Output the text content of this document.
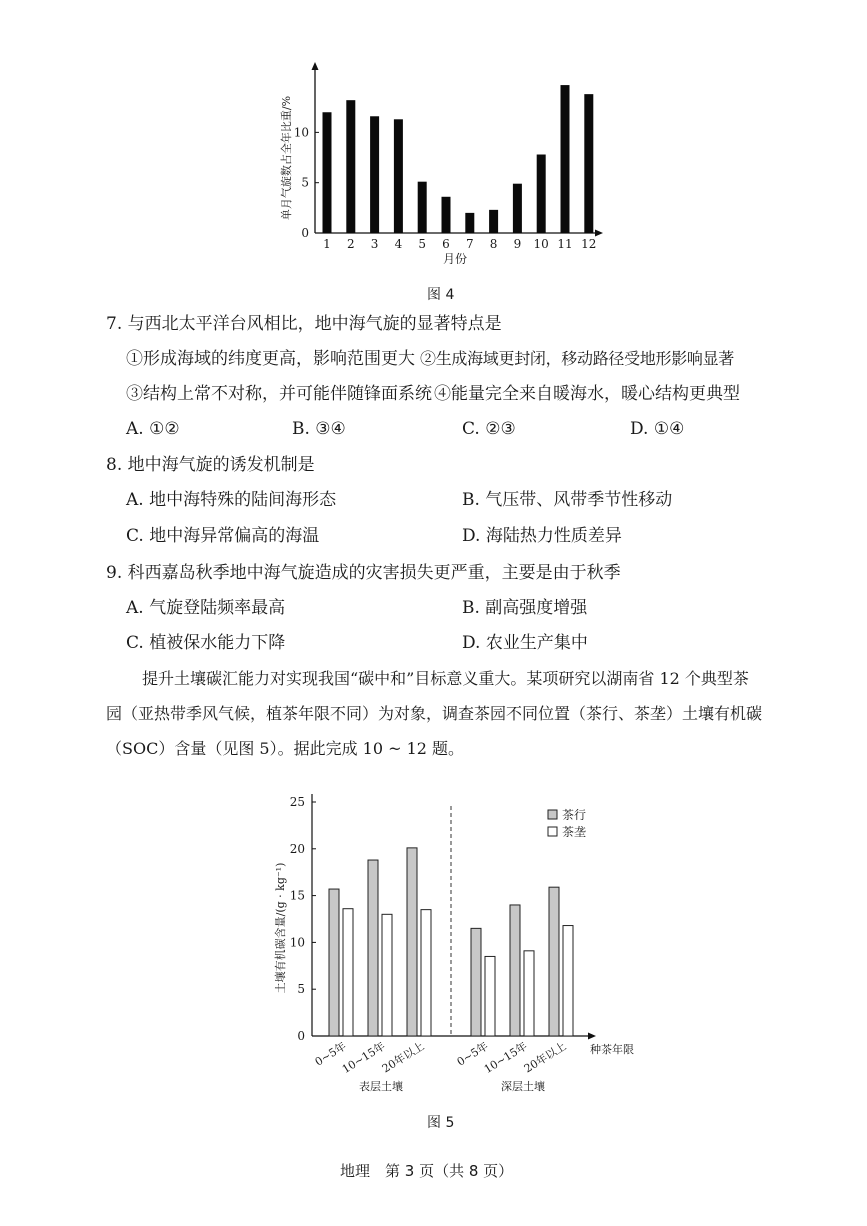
0
5
10
1 2 3 4 5 6 7 8 9 10 11 12
月份
单月气旋数占全年比重/%
图 4
7. 与西北太平洋台风相比，地中海气旋的显著特点是
①形成海域的纬度更高，影响范围更大 ②生成海域更封闭，移动路径受地形影响显著
③结构上常不对称，并可能伴随锋面系统 ④能量完全来自暖海水，暖心结构更典型
A. ①②	B. ③④	C. ②③	D. ①④
8. 地中海气旋的诱发机制是
A. 地中海特殊的陆间海形态	B. 气压带、风带季节性移动
C. 地中海异常偏高的海温	D. 海陆热力性质差异
9. 科西嘉岛秋季地中海气旋造成的灾害损失更严重，主要是由于秋季
A. 气旋登陆频率最高	B. 副高强度增强
C. 植被保水能力下降	D. 农业生产集中
提升土壤碳汇能力对实现我国“碳中和”目标意义重大。某项研究以湖南省 12 个典型茶
园（亚热带季风气候，植茶年限不同）为对象，调查茶园不同位置（茶行、茶垄）土壤有机碳
（SOC）含量（见图 5）。据此完成 10 ~ 12 题。
0
5
10
15
20
25
0~5年
10~15年
20年以上
表层土壤
0~5年
10~15年
20年以上
深层土壤
种茶年限
土壤有机碳含量/(g · kg⁻¹)
茶行
茶垄
图 5
地理　第 3 页（共 8 页）
